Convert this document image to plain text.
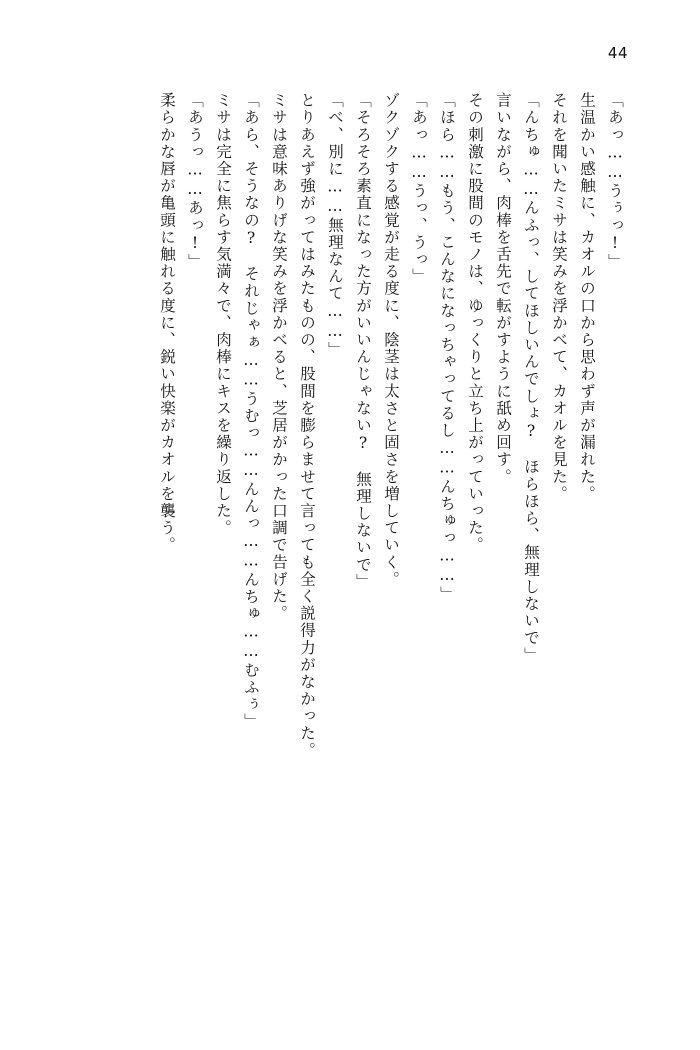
44
「あっ……うぅっ!」
生温かい感触に、カオルの口から思わず声が漏れた。
それを聞いたミサは笑みを浮かべて、カオルを見た。
「んちゅ……んふっ、してほしいんでしょ?　ほらほら、無理しないで」
言いながら、肉棒を舌先で転がすように舐め回す。
その刺激に股間のモノは、ゆっくりと立ち上がっていった。
「ほら……もう、こんなになっちゃってるし……んちゅっ……」
「あっ……うっ、うっ」
ゾクゾクする感覚が走る度に、陰茎は太さと固さを増していく。
「そろそろ素直になった方がいいんじゃない?　無理しないで」
「べ、別に……無理なんて……」
とりあえず強がってはみたものの、股間を膨らませて言っても全く説得力がなかった。
ミサは意味ありげな笑みを浮かべると、芝居がかった口調で告げた。
「あら、そうなの?　それじゃぁ……うむっ……んんっ……んちゅ……むふぅ」
ミサは完全に焦らす気満々で、肉棒にキスを繰り返した。
「あうっ……あっ!」
柔らかな唇が亀頭に触れる度に、鋭い快楽がカオルを襲う。
